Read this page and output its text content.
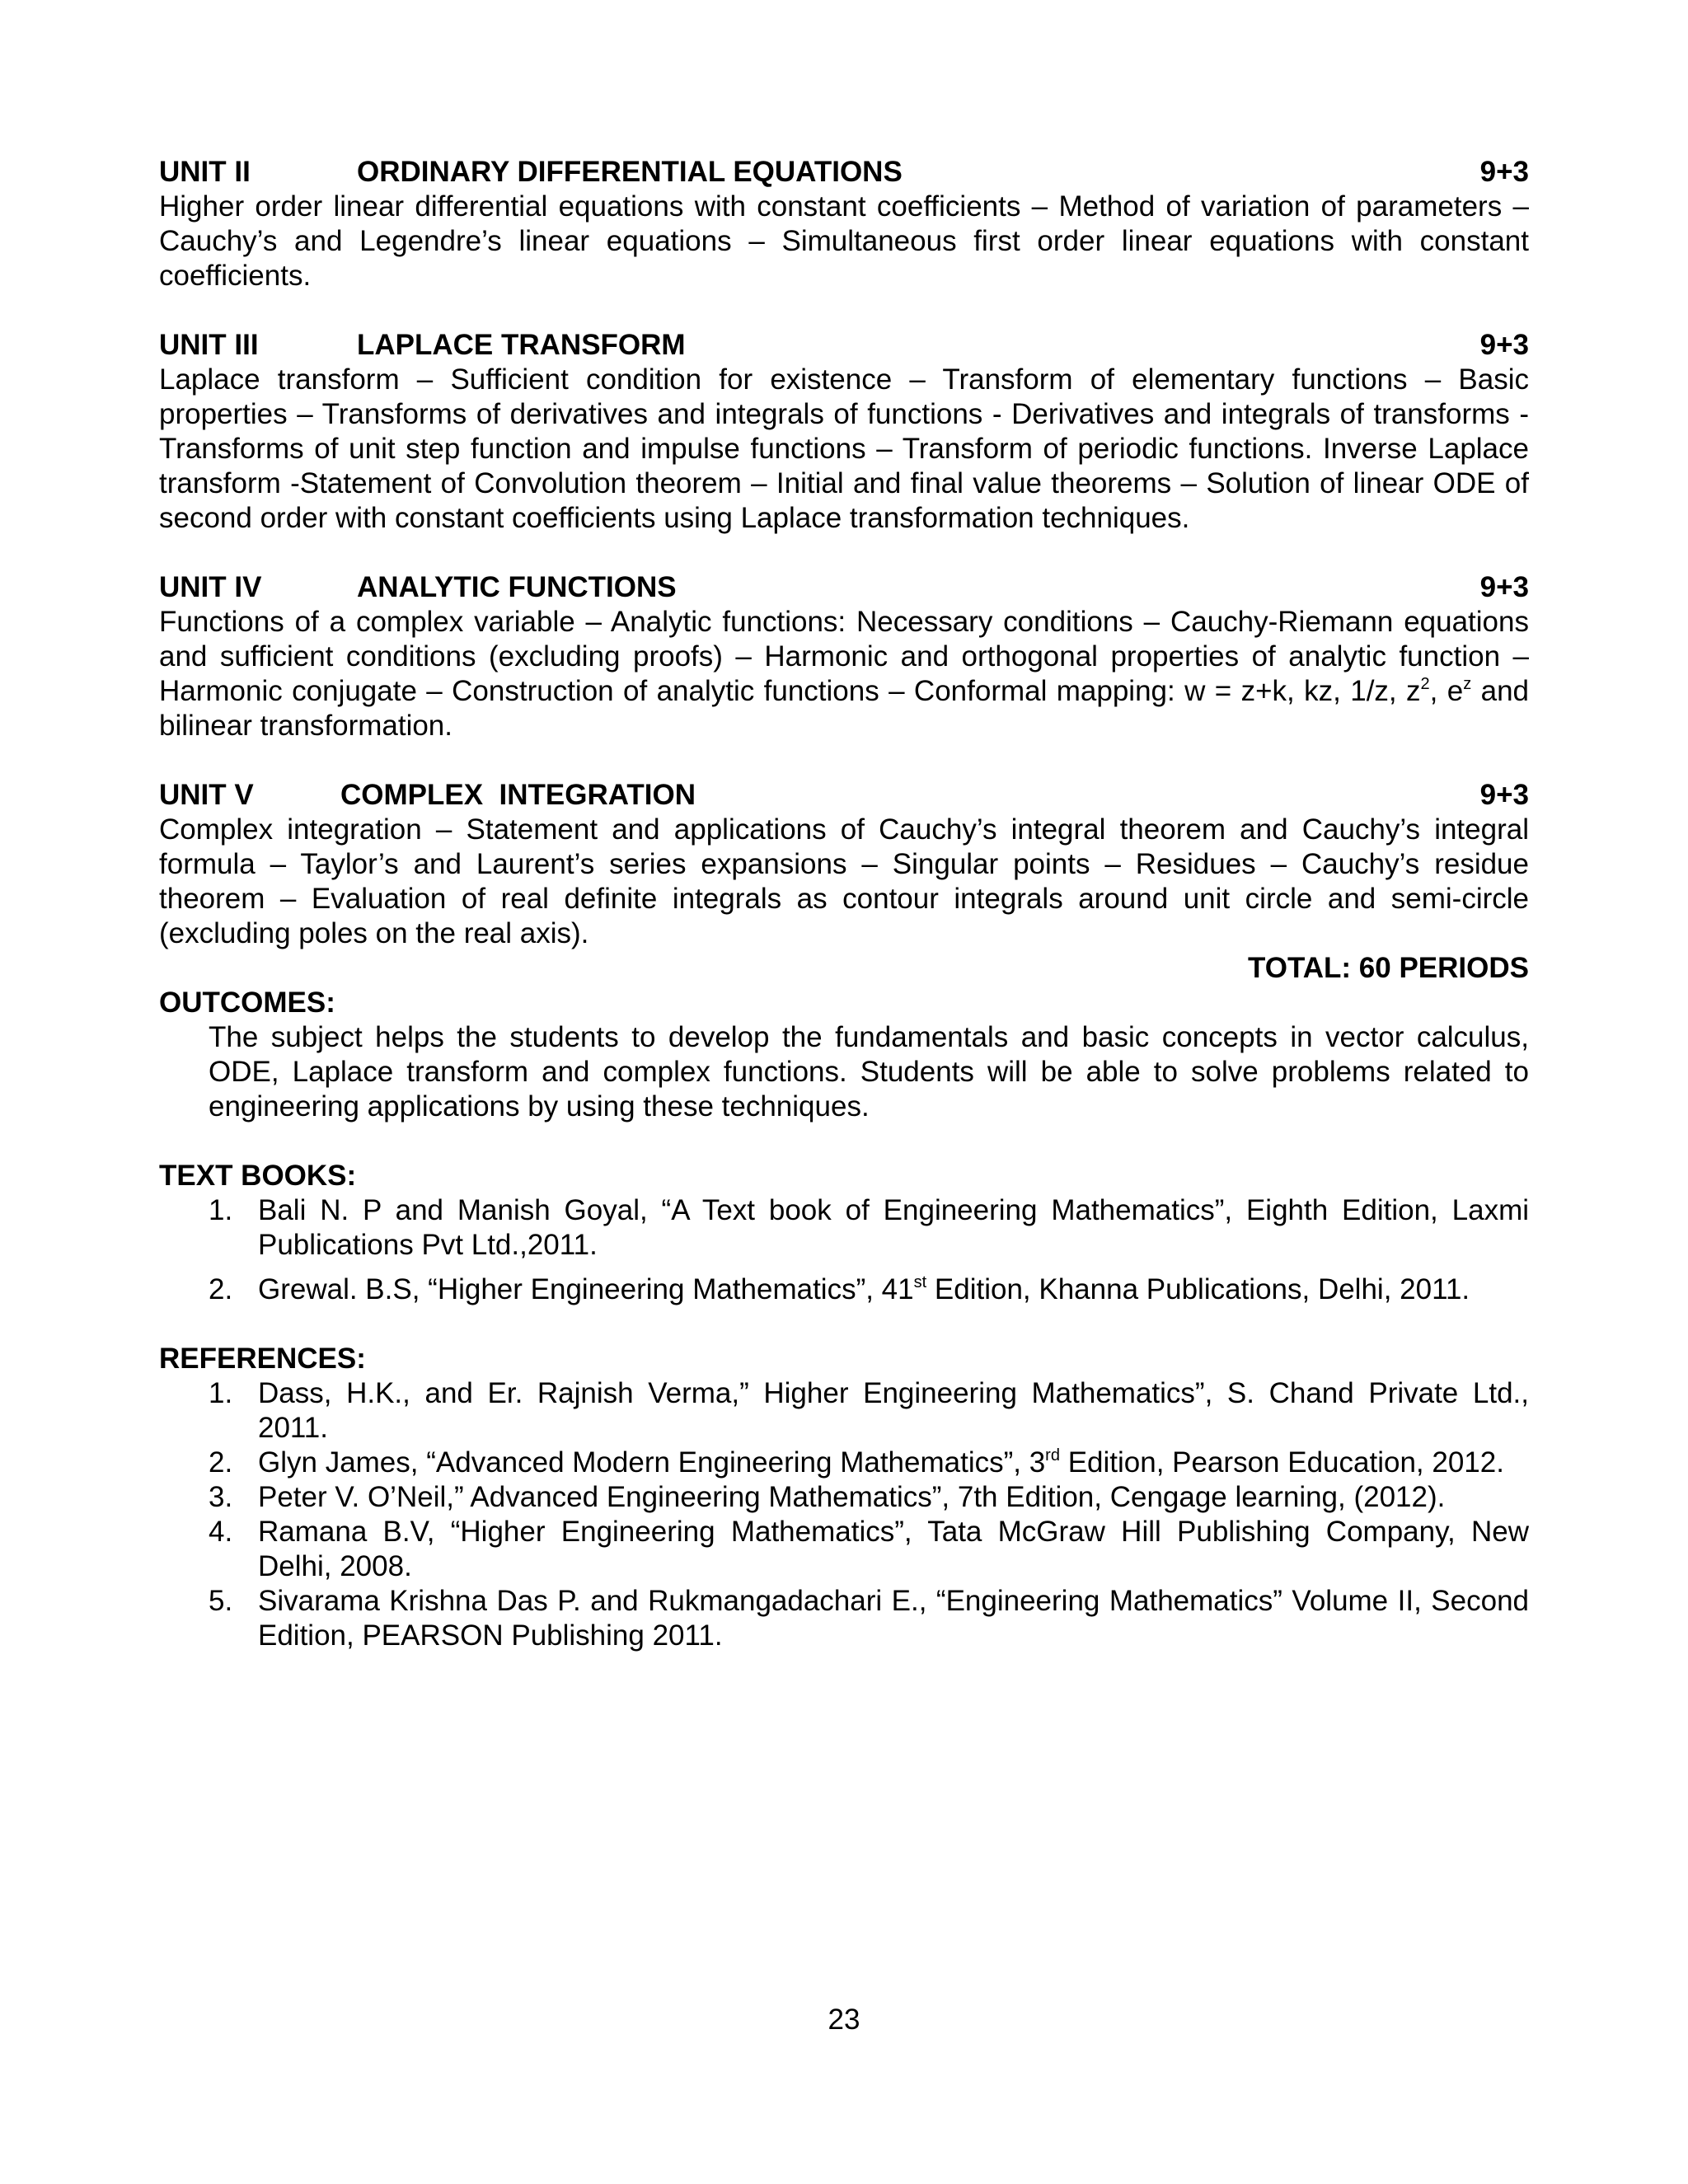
UNIT II	ORDINARY DIFFERENTIAL EQUATIONS	9+3
Higher order linear differential equations with constant coefficients – Method of variation of parameters – Cauchy’s and Legendre’s linear equations – Simultaneous first order linear equations with constant coefficients.
UNIT III	LAPLACE TRANSFORM	9+3
Laplace transform – Sufficient condition for existence – Transform of elementary functions – Basic properties – Transforms of derivatives and integrals of functions - Derivatives and integrals of transforms - Transforms of unit step function and impulse functions – Transform of periodic functions. Inverse Laplace transform -Statement of Convolution theorem – Initial and final value theorems – Solution of linear ODE of second order with constant coefficients using Laplace transformation techniques.
UNIT IV	ANALYTIC FUNCTIONS	9+3
Functions of a complex variable – Analytic functions: Necessary conditions – Cauchy-Riemann equations and sufficient conditions (excluding proofs) – Harmonic and orthogonal properties of analytic function – Harmonic conjugate – Construction of analytic functions – Conformal mapping: w = z+k, kz, 1/z, $z^2$, $e^z$ and bilinear transformation.
UNIT V	COMPLEX  INTEGRATION	9+3
Complex integration – Statement and applications of Cauchy’s integral theorem and Cauchy’s integral formula – Taylor’s and Laurent’s series expansions – Singular points – Residues – Cauchy’s residue theorem – Evaluation of real definite integrals as contour integrals around unit circle and semi-circle (excluding poles on the real axis).
TOTAL: 60 PERIODS
OUTCOMES:
The subject helps the students to develop the fundamentals and basic concepts in vector calculus, ODE, Laplace transform and complex functions. Students will be able to solve problems related to engineering applications by using these techniques.
TEXT BOOKS:
1. Bali N. P and Manish Goyal, “A Text book of Engineering Mathematics”, Eighth Edition, Laxmi Publications Pvt Ltd.,2011.
2. Grewal. B.S, “Higher Engineering Mathematics”, 41st Edition, Khanna Publications, Delhi, 2011.
REFERENCES:
1. Dass, H.K., and Er. Rajnish Verma,” Higher Engineering Mathematics”, S. Chand Private Ltd., 2011.
2. Glyn James, “Advanced Modern Engineering Mathematics”, 3rd Edition, Pearson Education, 2012.
3. Peter V. O’Neil,” Advanced Engineering Mathematics”, 7th Edition, Cengage learning, (2012).
4. Ramana B.V, “Higher Engineering Mathematics”, Tata McGraw Hill Publishing Company, New Delhi, 2008.
5. Sivarama Krishna Das P. and Rukmangadachari E., “Engineering Mathematics” Volume II, Second Edition, PEARSON Publishing 2011.
23
